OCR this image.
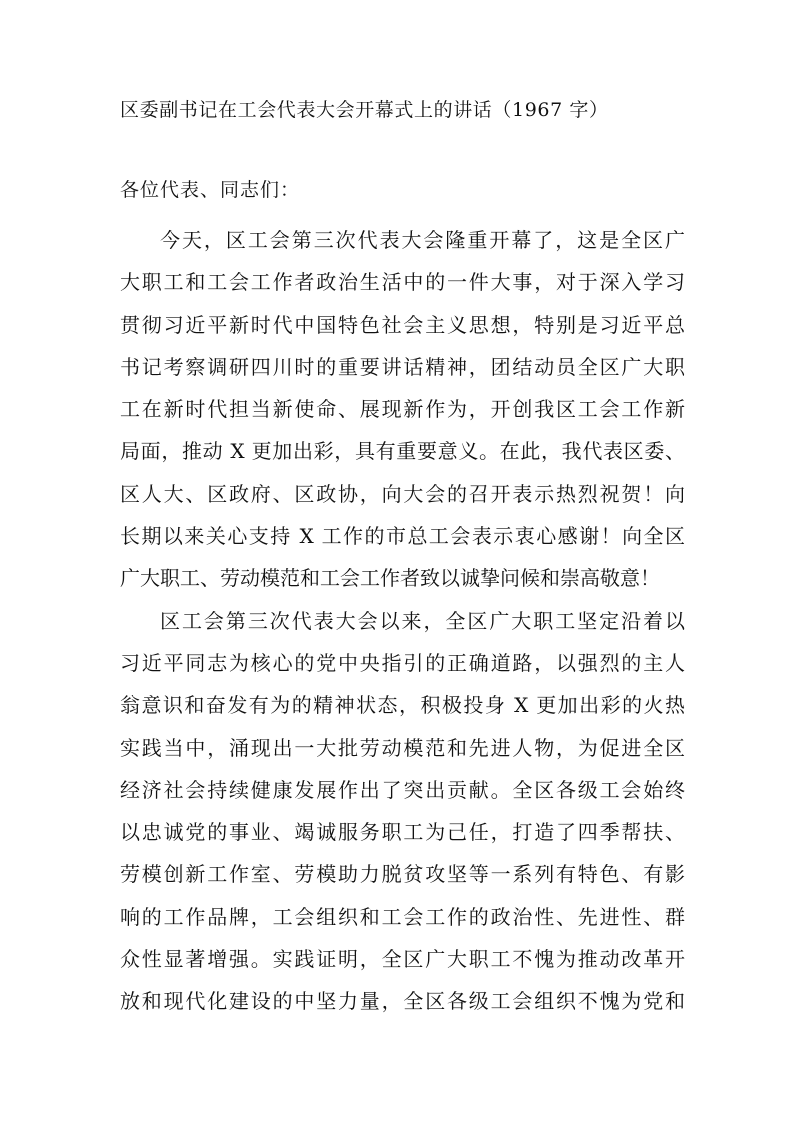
区委副书记在工会代表大会开幕式上的讲话（1967 字）
各位代表、同志们：
今天，区工会第三次代表大会隆重开幕了，这是全区广
大职工和工会工作者政治生活中的一件大事，对于深入学习
贯彻习近平新时代中国特色社会主义思想，特别是习近平总
书记考察调研四川时的重要讲话精神，团结动员全区广大职
工在新时代担当新使命、展现新作为，开创我区工会工作新
局面，推动 X 更加出彩，具有重要意义。在此，我代表区委、
区人大、区政府、区政协，向大会的召开表示热烈祝贺！向
长期以来关心支持 X 工作的市总工会表示衷心感谢！向全区
广大职工、劳动模范和工会工作者致以诚挚问候和崇高敬意！
区工会第三次代表大会以来，全区广大职工坚定沿着以
习近平同志为核心的党中央指引的正确道路，以强烈的主人
翁意识和奋发有为的精神状态，积极投身 X 更加出彩的火热
实践当中，涌现出一大批劳动模范和先进人物，为促进全区
经济社会持续健康发展作出了突出贡献。全区各级工会始终
以忠诚党的事业、竭诚服务职工为己任，打造了四季帮扶、
劳模创新工作室、劳模助力脱贫攻坚等一系列有特色、有影
响的工作品牌，工会组织和工会工作的政治性、先进性、群
众性显著增强。实践证明，全区广大职工不愧为推动改革开
放和现代化建设的中坚力量，全区各级工会组织不愧为党和
